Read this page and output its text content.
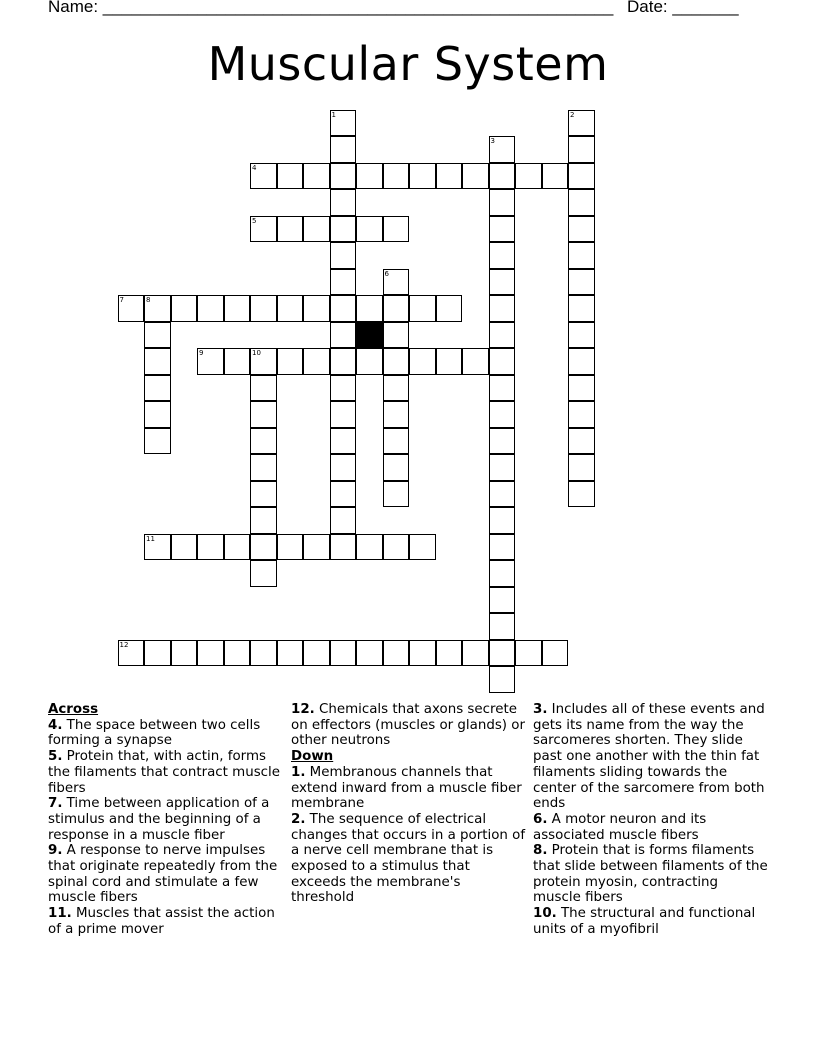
Name: ______________________________________________________ Date: _______
Muscular System
1	2
3
4
5
6
7	8
9	10
11
12
Across

4. The space between two cells forming a synapse

5. Protein that, with actin, forms the filaments that contract muscle fibers

7. Time between application of a stimulus and the beginning of a response in a muscle fiber

9. A response to nerve impulses that originate repeatedly from the spinal cord and stimulate a few muscle fibers

11. Muscles that assist the action of a prime mover

12. Chemicals that axons secrete on effectors (muscles or glands) or other neutrons

Down

1. Membranous channels that extend inward from a muscle fiber membrane

2. The sequence of electrical changes that occurs in a portion of a nerve cell membrane that is exposed to a stimulus that exceeds the membrane's threshold

3. Includes all of these events and gets its name from the way the sarcomeres shorten. They slide past one another with the thin fat filaments sliding towards the center of the sarcomere from both ends

6. A motor neuron and its associated muscle fibers

8. Protein that is forms filaments that slide between filaments of the protein myosin, contracting muscle fibers

10. The structural and functional units of a myofibril
